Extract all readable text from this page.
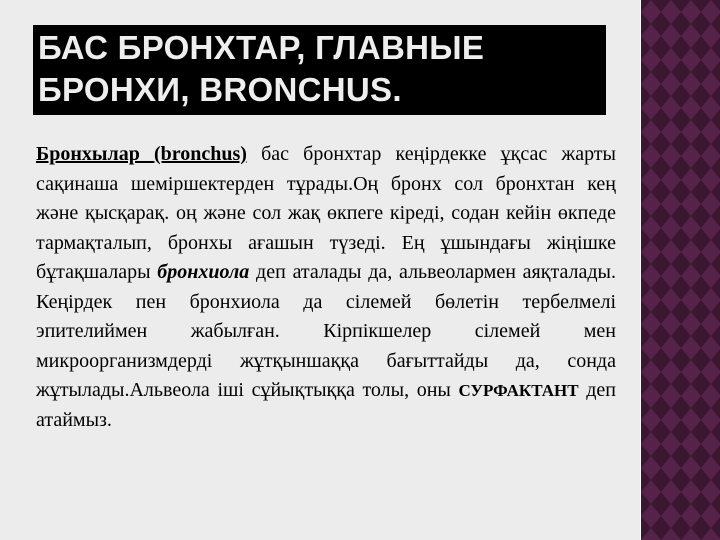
БАС БРОНХТАР, ГЛАВНЫЕ
БРОНХИ, BRONCHUS.
Бронхылар (bronchus) бас бронхтар кеңірдекке ұқсас жарты сақинаша шеміршектерден тұрады.Оң бронх сол бронхтан кең және қысқарақ. оң және сол жақ өкпеге кіреді, содан кейін өкпеде тармақталып, бронхы ағашын түзеді. Ең ұшындағы жіңішке бұтақшалары бронхиола деп аталады да, альвеолармен аяқталады. Кеңірдек пен бронхиола да сілемей бөлетін тербелмелі эпителиймен жабылған. Кірпікшелер сілемей мен микроорганизмдерді жұтқыншаққа бағыттайды да, сонда жұтылады.Альвеола іші сұйықтыққа толы, оны СУРФАКТАНТ деп атаймыз.
